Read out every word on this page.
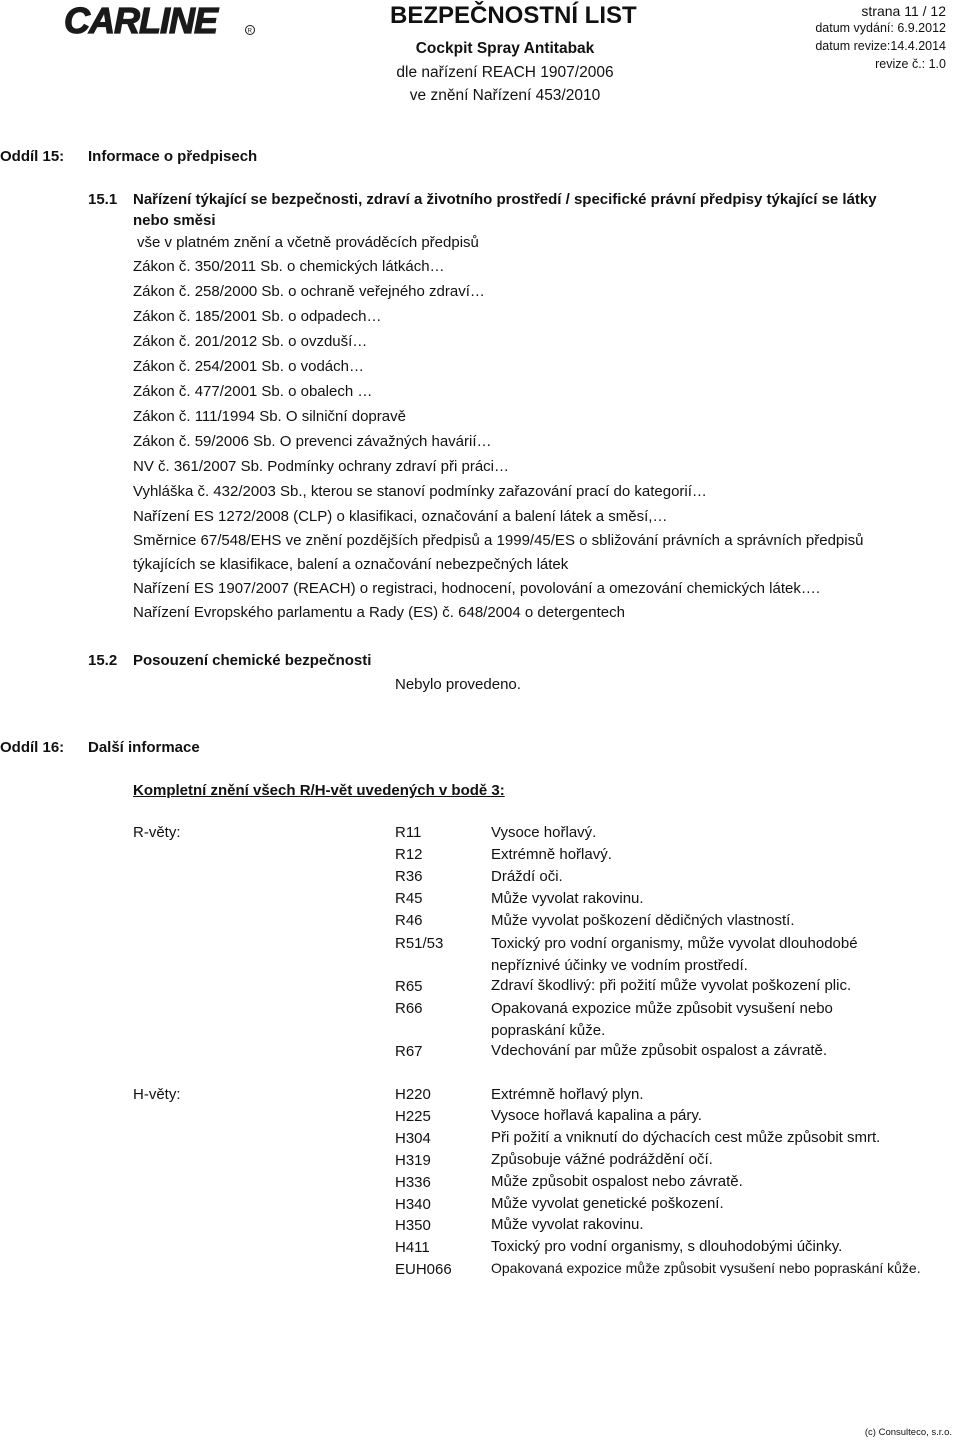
CARLINE	R
BEZPEČNOSTNÍ LIST
Cockpit Spray Antitabak
dle nařízení REACH 1907/2006
ve znění Nařízení 453/2010
strana 11 / 12
datum vydání: 6.9.2012
datum revize:14.4.2014
revize č.: 1.0
Oddíl 15: Informace o předpisech
15.1 Nařízení týkající se bezpečnosti, zdraví a životního prostředí / specifické právní předpisy týkající se látky
nebo směsi
vše v platném znění a včetně prováděcích předpisů
Zákon č. 350/2011 Sb. o chemických látkách…
Zákon č. 258/2000 Sb. o ochraně veřejného zdraví…
Zákon č. 185/2001 Sb. o odpadech…
Zákon č. 201/2012 Sb. o ovzduší…
Zákon č. 254/2001 Sb. o vodách…
Zákon č. 477/2001 Sb. o obalech …
Zákon č. 111/1994 Sb. O silniční dopravě
Zákon č. 59/2006 Sb. O prevenci závažných havárií…
NV č. 361/2007 Sb. Podmínky ochrany zdraví při práci…
Vyhláška č. 432/2003 Sb., kterou se stanoví podmínky zařazování prací do kategorií…
Nařízení ES 1272/2008 (CLP) o klasifikaci, označování a balení látek a směsí,…
Směrnice 67/548/EHS ve znění pozdějších předpisů a 1999/45/ES o sbližování právních a správních předpisů
týkajících se klasifikace, balení a označování nebezpečných látek
Nařízení ES 1907/2007 (REACH) o registraci, hodnocení, povolování a omezování chemických látek….
Nařízení Evropského parlamentu a Rady (ES) č. 648/2004 o detergentech
15.2 Posouzení chemické bezpečnosti
Nebylo provedeno.
Oddíl 16: Další informace
Kompletní znění všech R/H-vět uvedených v bodě 3:
R-věty:	R11	Vysoce hořlavý.
R12	Extrémně hořlavý.
R36	Dráždí oči.
R45	Může vyvolat rakovinu.
R46	Může vyvolat poškození dědičných vlastností.
R51/53	Toxický pro vodní organismy, může vyvolat dlouhodobé
nepříznivé účinky ve vodním prostředí.
R65	Zdraví škodlivý: při požití může vyvolat poškození plic.
R66	Opakovaná expozice může způsobit vysušení nebo
popraskání kůže.
R67	Vdechování par může způsobit ospalost a závratě.
H-věty:	H220	Extrémně hořlavý plyn.
H225	Vysoce hořlavá kapalina a páry.
H304	Při požití a vniknutí do dýchacích cest může způsobit smrt.
H319	Způsobuje vážné podráždění očí.
H336	Může způsobit ospalost nebo závratě.
H340	Může vyvolat genetické poškození.
H350	Může vyvolat rakovinu.
H411	Toxický pro vodní organismy, s dlouhodobými účinky.
EUH066	Opakovaná expozice může způsobit vysušení nebo popraskání kůže.
(c) Consulteco, s.r.o.
